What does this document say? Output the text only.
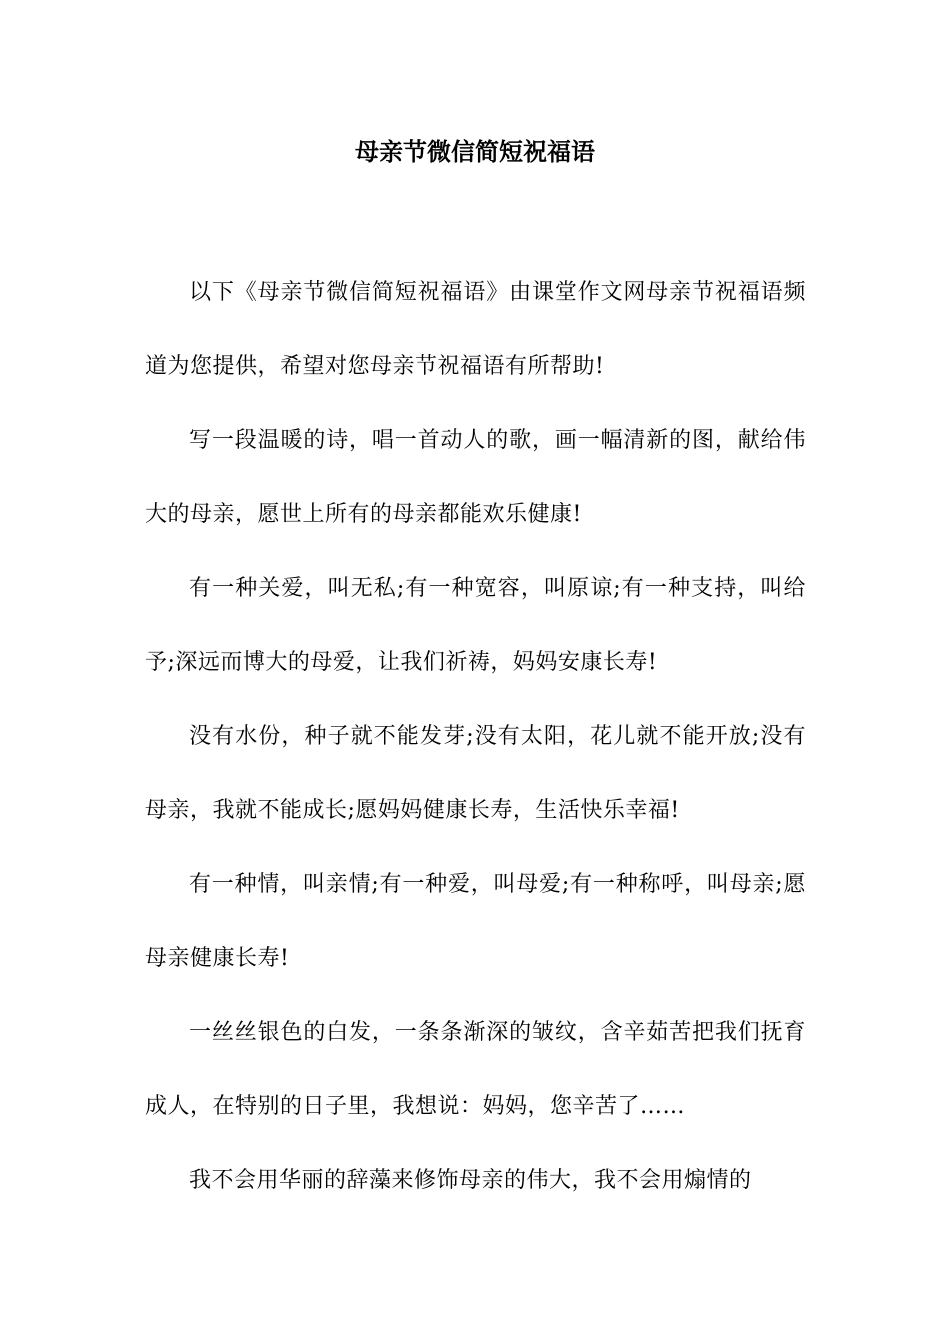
母亲节微信简短祝福语

以下《母亲节微信简短祝福语》由课堂作文网母亲节祝福语频道为您提供，希望对您母亲节祝福语有所帮助!

写一段温暖的诗，唱一首动人的歌，画一幅清新的图，献给伟大的母亲，愿世上所有的母亲都能欢乐健康!

有一种关爱，叫无私;有一种宽容，叫原谅;有一种支持，叫给予;深远而博大的母爱，让我们祈祷，妈妈安康长寿!

没有水份，种子就不能发芽;没有太阳，花儿就不能开放;没有母亲，我就不能成长;愿妈妈健康长寿，生活快乐幸福!

有一种情，叫亲情;有一种爱，叫母爱;有一种称呼，叫母亲;愿母亲健康长寿!

一丝丝银色的白发，一条条渐深的皱纹，含辛茹苦把我们抚育成人，在特别的日子里，我想说：妈妈，您辛苦了……

我不会用华丽的辞藻来修饰母亲的伟大，我不会用煽情的
